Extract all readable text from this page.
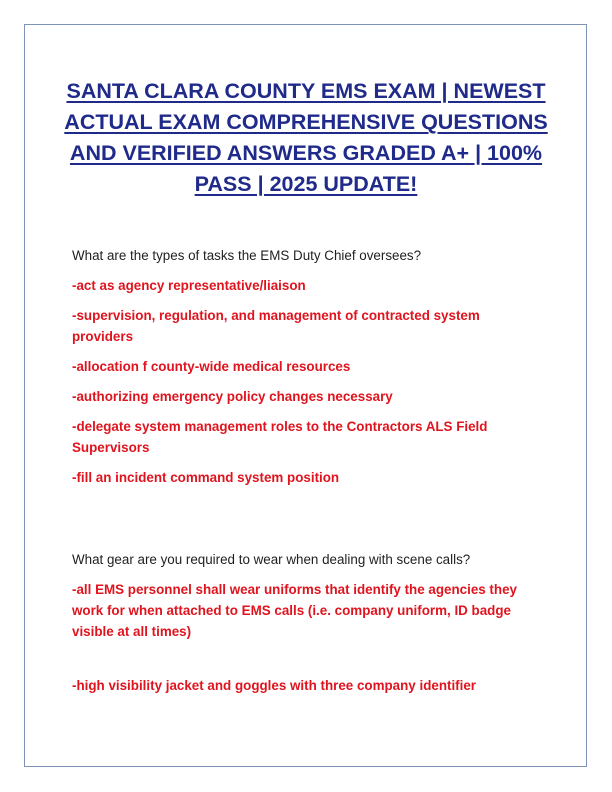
SANTA CLARA COUNTY EMS EXAM | NEWEST ACTUAL EXAM COMPREHENSIVE QUESTIONS AND VERIFIED ANSWERS GRADED A+ | 100% PASS | 2025 UPDATE!

What are the types of tasks the EMS Duty Chief oversees?

-act as agency representative/liaison

-supervision, regulation, and management of contracted system providers

-allocation f county-wide medical resources

-authorizing emergency policy changes necessary

-delegate system management roles to the Contractors ALS Field Supervisors

-fill an incident command system position

What gear are you required to wear when dealing with scene calls?

-all EMS personnel shall wear uniforms that identify the agencies they work for when attached to EMS calls (i.e. company uniform, ID badge visible at all times)

-high visibility jacket and goggles with three company identifier
